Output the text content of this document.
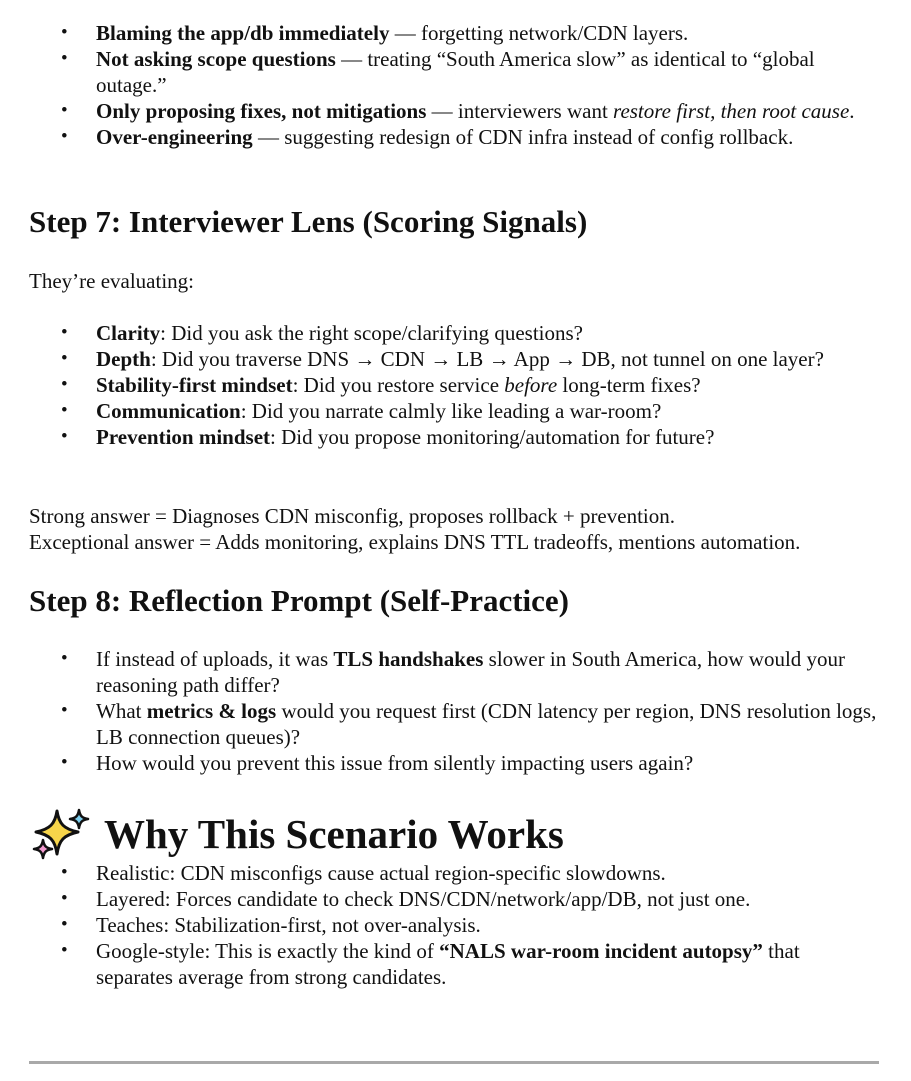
• Blaming the app/db immediately — forgetting network/CDN layers.
• Not asking scope questions — treating “South America slow” as identical to “global outage.”
• Only proposing fixes, not mitigations — interviewers want restore first, then root cause.
• Over-engineering — suggesting redesign of CDN infra instead of config rollback.
Step 7: Interviewer Lens (Scoring Signals)

They’re evaluating:

• Clarity: Did you ask the right scope/clarifying questions?
• Depth: Did you traverse DNS → CDN → LB → App → DB, not tunnel on one layer?
• Stability-first mindset: Did you restore service before long-term fixes?
• Communication: Did you narrate calmly like leading a war-room?
• Prevention mindset: Did you propose monitoring/automation for future?

Strong answer = Diagnoses CDN misconfig, proposes rollback + prevention.

Exceptional answer = Adds monitoring, explains DNS TTL tradeoffs, mentions automation.

Step 8: Reflection Prompt (Self-Practice)
• If instead of uploads, it was TLS handshakes slower in South America, how would your reasoning path differ?
• What metrics & logs would you request first (CDN latency per region, DNS resolution logs, LB connection queues)?
• How would you prevent this issue from silently impacting users again?
Why This Scenario Works
• Realistic: CDN misconfigs cause actual region-specific slowdowns.
• Layered: Forces candidate to check DNS/CDN/network/app/DB, not just one.
• Teaches: Stabilization-first, not over-analysis.
• Google-style: This is exactly the kind of “NALS war-room incident autopsy” that separates average from strong candidates.
